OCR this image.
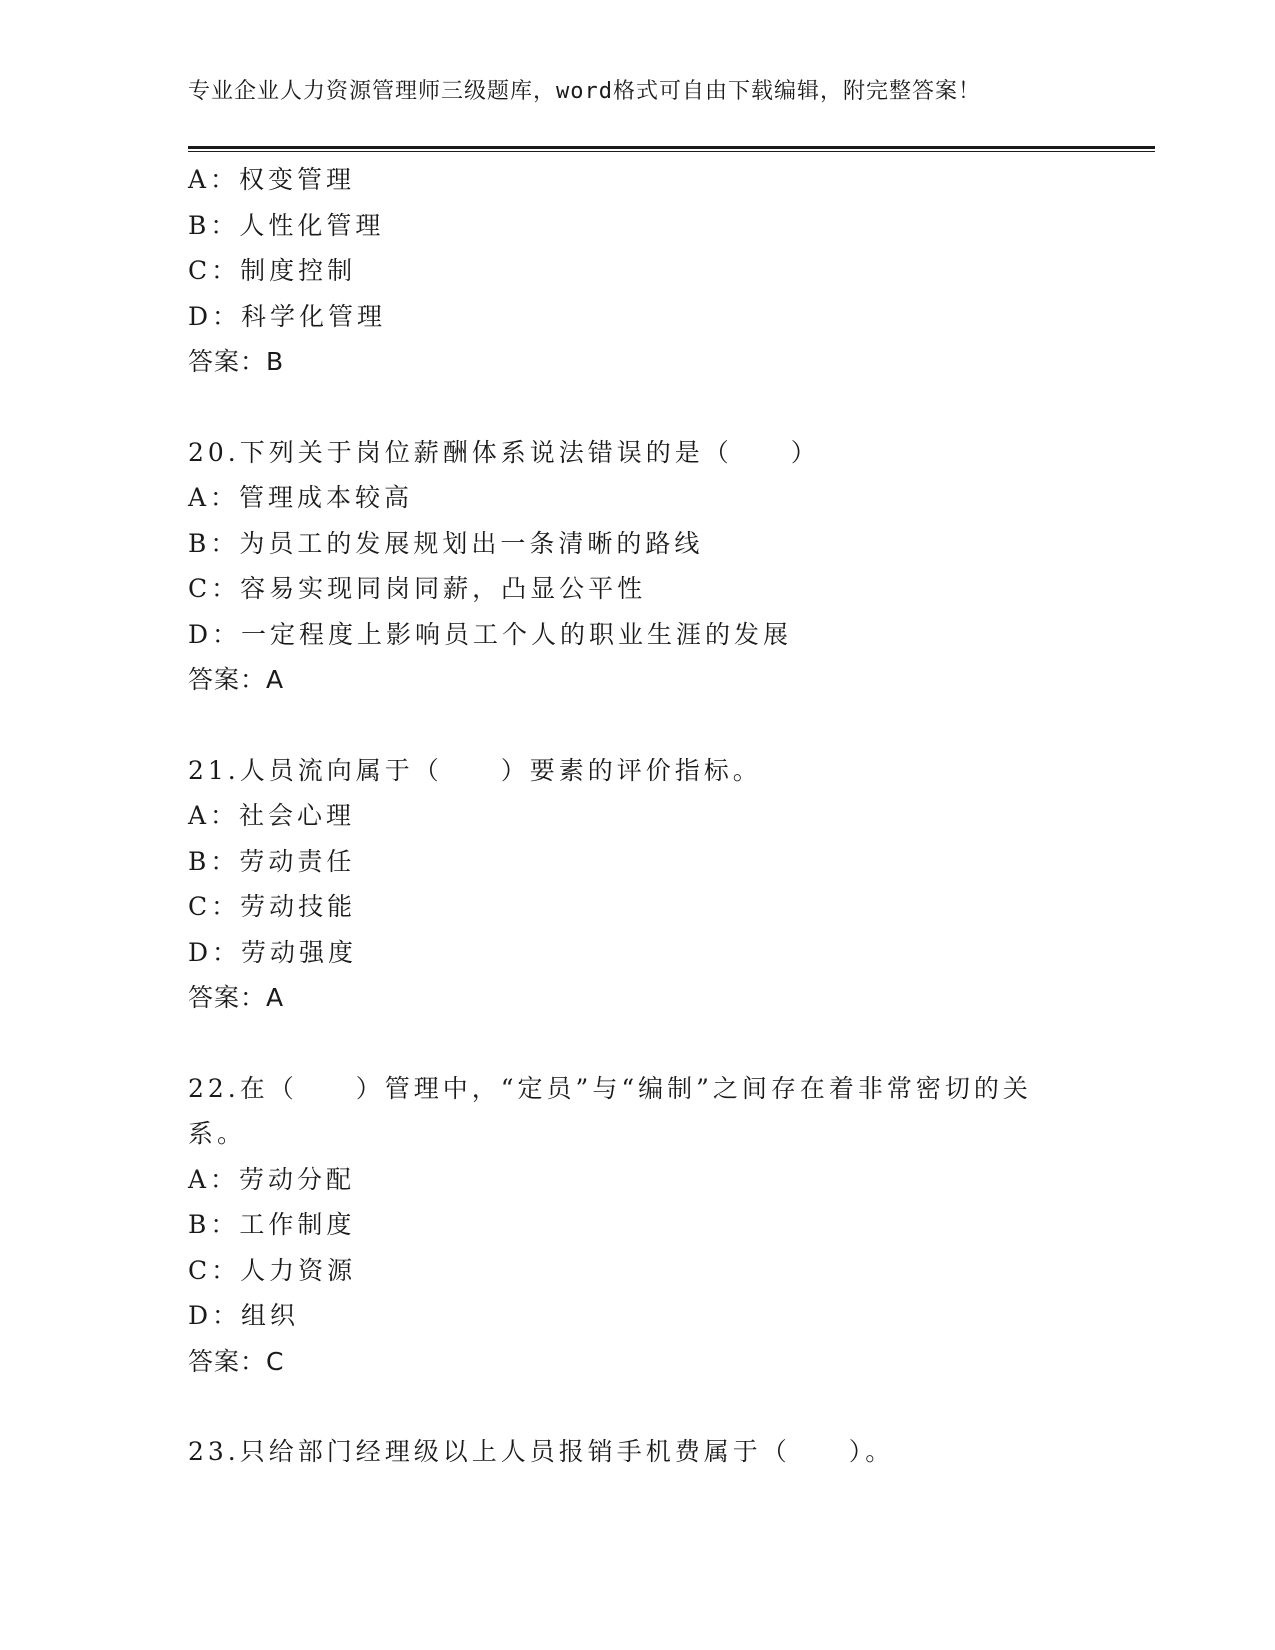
专业企业人力资源管理师三级题库，word格式可自由下载编辑，附完整答案！
A：权变管理
B：人性化管理
C：制度控制
D：科学化管理
答案：B
20.下列关于岗位薪酬体系说法错误的是（　　）
A：管理成本较高
B：为员工的发展规划出一条清晰的路线
C：容易实现同岗同薪，凸显公平性
D：一定程度上影响员工个人的职业生涯的发展
答案：A
21.人员流向属于（　　）要素的评价指标。
A：社会心理
B：劳动责任
C：劳动技能
D：劳动强度
答案：A
22.在（　　）管理中，“定员”与“编制”之间存在着非常密切的关系。
A：劳动分配
B：工作制度
C：人力资源
D：组织
答案：C
23.只给部门经理级以上人员报销手机费属于（　　）。
